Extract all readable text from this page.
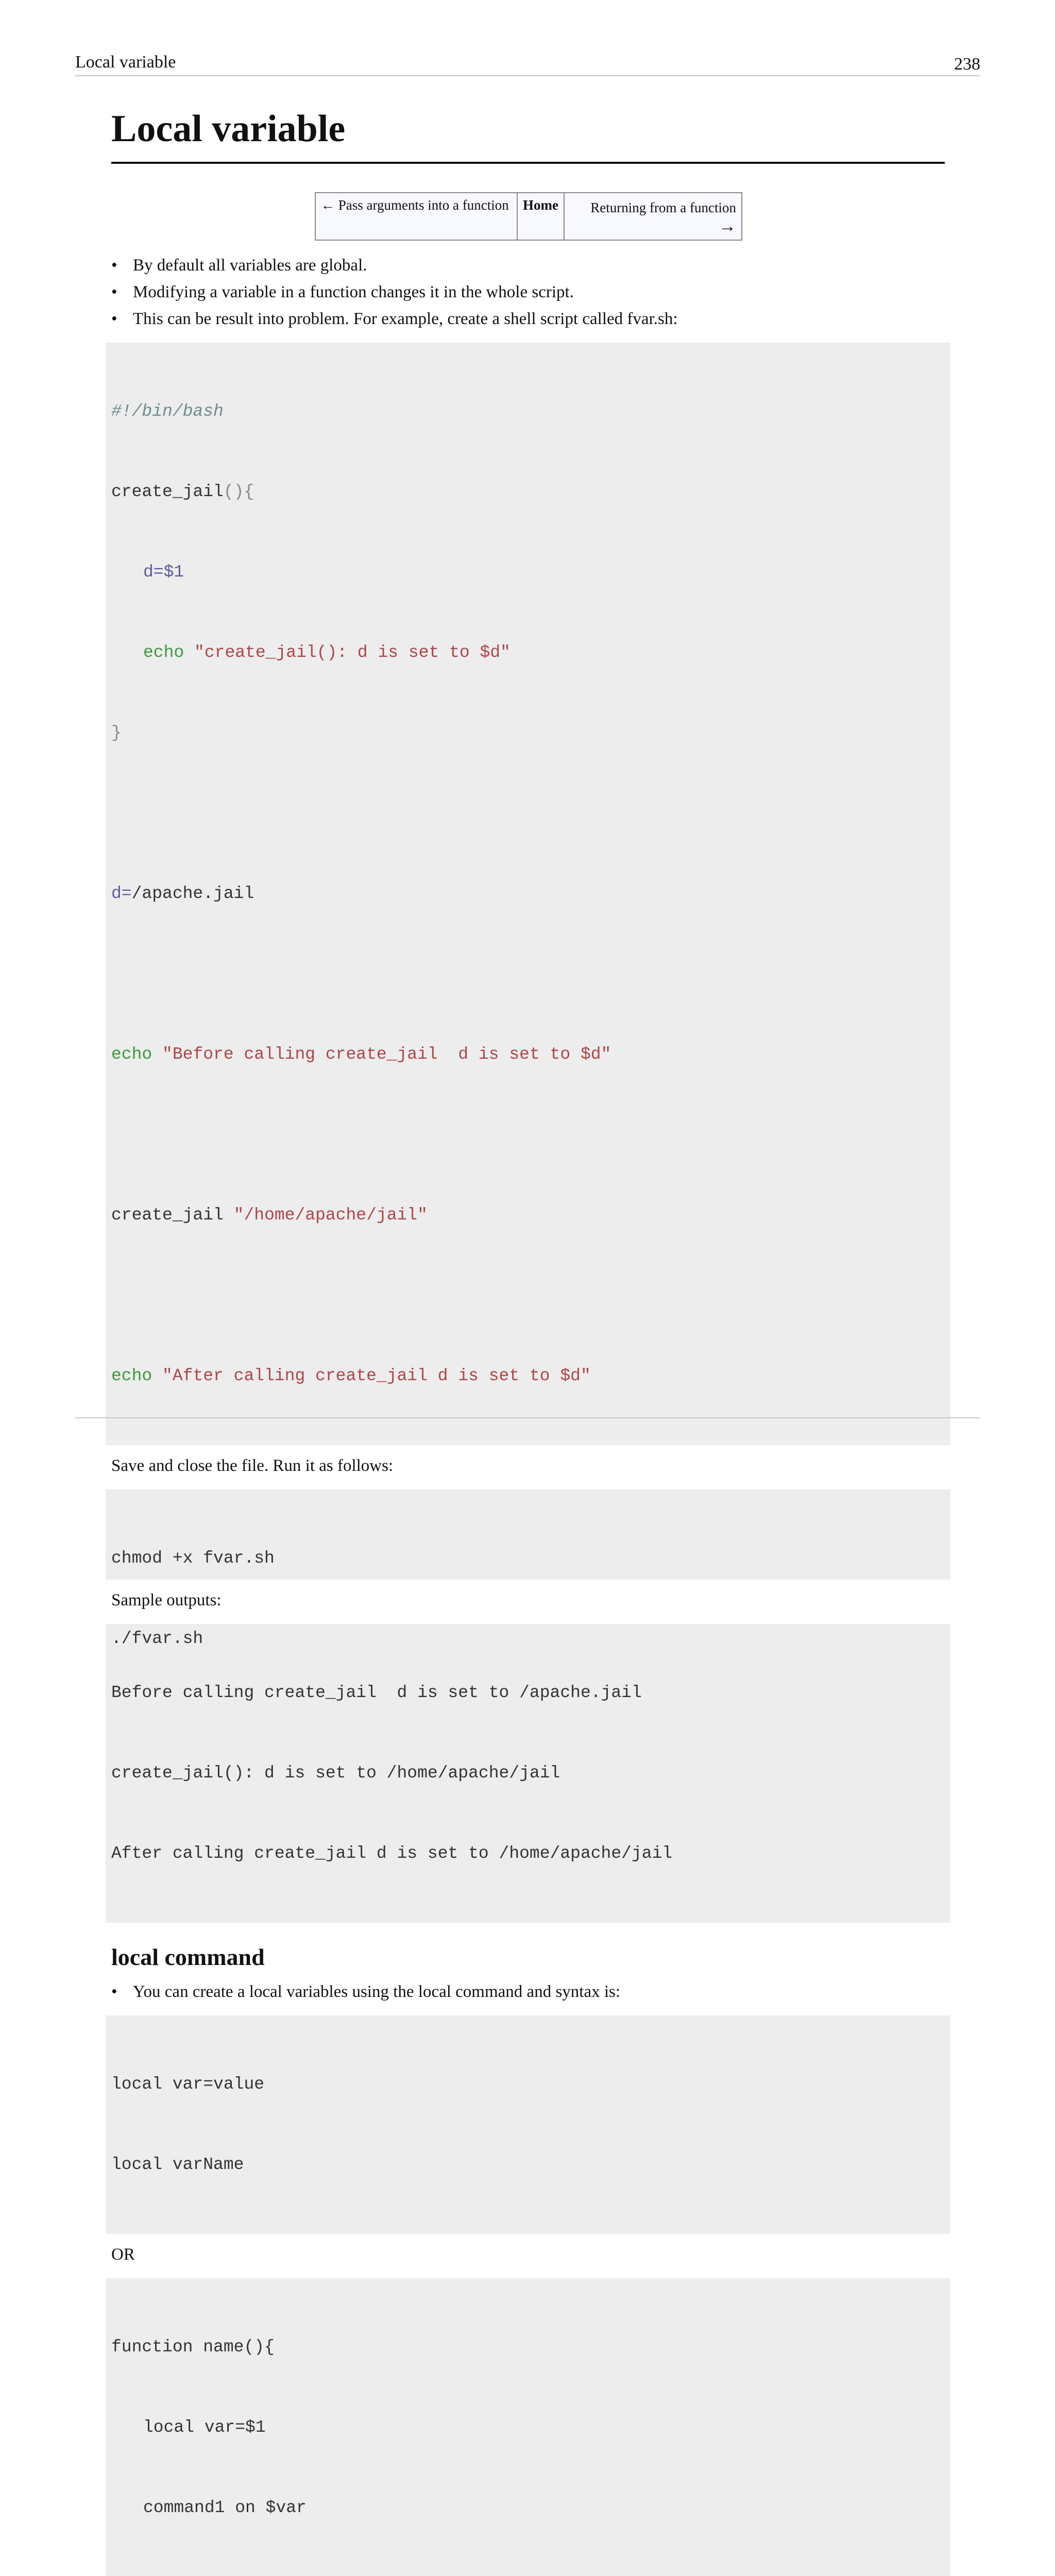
Local variable	238
Local variable
← Pass arguments into a function	Home	Returning from a function
→
• By default all variables are global.
• Modifying a variable in a function changes it in the whole script.
• This can be result into problem. For example, create a shell script called fvar.sh:

#!/bin/bash

create_jail(){

d=$1

echo "create_jail(): d is set to $d"

}

d=/apache.jail

echo "Before calling create_jail  d is set to $d"

create_jail "/home/apache/jail"

echo "After calling create_jail d is set to $d"

Save and close the file. Run it as follows:

chmod +x fvar.sh

./fvar.sh

Sample outputs:

Before calling create_jail  d is set to /apache.jail

create_jail(): d is set to /home/apache/jail

After calling create_jail d is set to /home/apache/jail

local command
• You can create a local variables using the local command and syntax is:

local var=value

local varName

OR

function name(){

local var=$1

command1 on $var
